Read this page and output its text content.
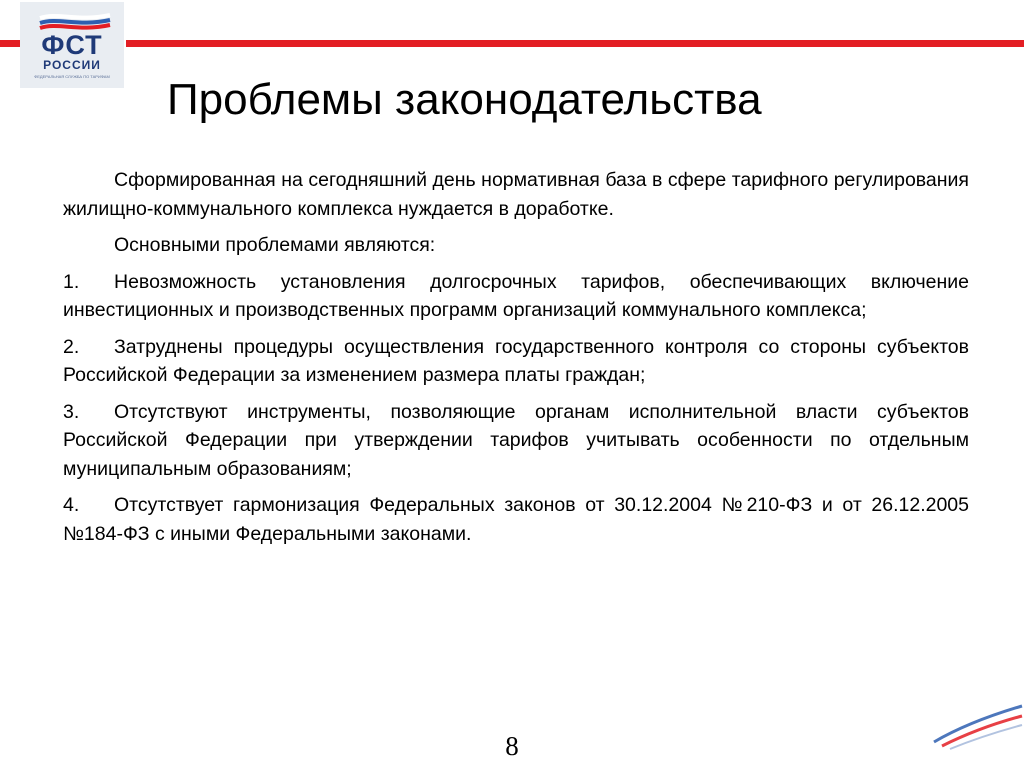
ФСТ
РОССИИ
ФЕДЕРАЛЬНАЯ СЛУЖБА ПО ТАРИФАМ	Проблемы законодательства

Сформированная на сегодняшний день нормативная база в сфере тарифного регулирования жилищно-коммунального комплекса нуждается в доработке.

Основными проблемами являются:

1. Невозможность установления долгосрочных тарифов, обеспечивающих включение инвестиционных и производственных программ организаций коммунального комплекса;

2. Затруднены процедуры осуществления государственного контроля со стороны субъектов Российской Федерации за изменением размера платы граждан;

3. Отсутствуют инструменты, позволяющие органам исполнительной власти субъектов Российской Федерации при утверждении тарифов учитывать особенности по отдельным муниципальным образованиям;

4. Отсутствует гармонизация Федеральных законов от 30.12.2004 №210-ФЗ и от 26.12.2005 №184-ФЗ с иными Федеральными законами.

8
